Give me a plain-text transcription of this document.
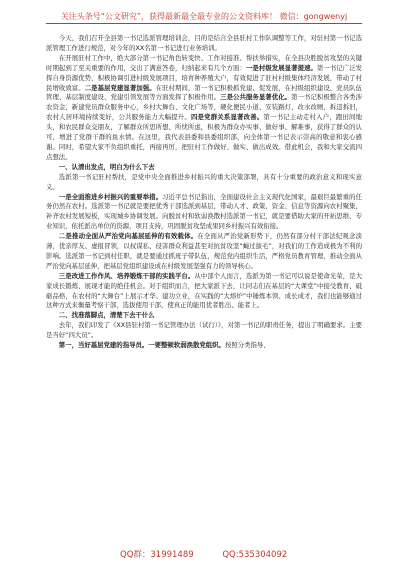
关注头条号“公文研究”，获得最新最全最专业的公文资料库！ 微信：gongwenyj

今天，我们召开全县第一书记选派管理培训会，目的是结合全县驻村工作队调整等工作，对驻村第一书记选派管理工作进行规范，对今年的XX名第一书记进行业务培训。

在开展驻村工作中，绝大部分第一书记角色转变快、工作对接准、帮扶举措实，在全县决胜脱贫攻坚的关键时期起到了至关重要的作用，交出了满意答卷，归纳起来有几个方面：一是村级发展显著提速。第一书记广泛发挥自身资源优势，积极协调引进村级发展项目，培育种养殖大户，有效促进了驻村村级集体经济发展，带动了村民增收致富。二是基层党建显著加强。在驻村期间，第一书记积极抓党建、促发展，在村级组织建设、党员队伍管理、基层制度建设、党建引领发展等方面发挥了积极作用。三是公共服务显著优化。第一书记积极整合各类涉农资金，新建党员群众服务中心，乡村大舞台、文化广场等，硬化便民小道、安装路灯，改水改厕，拆违拆旧，农村人居环境持续变好，公共服务能力大幅提升。四是党群关系显著改善。第一书记主动走村入户，跑田间地头，和农民群众交朋友，了解群众所思所想、所忧所虑，积极为群众办实事、做好事、解难事，获得了群众的认可，增进了党群干群的鱼水情。在这里，我代表县委和县委组织部，向全体第一书记表示崇高的敬意和衷心感谢。同时，希望大家不负组织重托，再接再厉，把驻村工作做好、做实、做出成效。借此机会，我和大家交流四点想法。

一、认清出发点，明白为什么下去

选派第一书记驻村帮扶，是党中央全面推进乡村振兴的重大决策部署，具有十分重要的政治意义和现实意义。

一是全面推进乡村振兴的重要举措。习近平总书记指出，全面建设社会主义现代化国家，最艰巨最繁重的任务仍然在农村。选派第一书记就是要把优秀干部选派到基层，带动人才、政策、资金、信息等资源向农村聚集，补齐农村发展短板，实现城乡协调发展。向脱贫村和软弱涣散村选派第一书记，就是要借助大家的开拓思维、专业知识，依托派出单位的资源，项目支持，巩固脱贫攻坚成果同乡村振兴有效衔接。

二是推动全面从严治党向基层延伸的有效载体。在全面从严治党新形势下，仍然有部分村干部法纪观念淡薄，优亲厚友、虚报冒领，以权谋私、侵害群众利益甚至对抗贫攻坚“蝇过拔毛”，对我们的工作造成极为不利的影响。选派第一书记到村任职，就是要通过抓班子带队伍，规范党内组织生活，严格党员教育管理，推动全面从严治党向基层延伸，把基层党组织建设成在村级发展坚强有力的领导核心。

三是改进工作作风、培养锻炼干部的实践平台。从中部个人而言，选派为第一书记可以说是使命光荣，是大家成长锻炼、展现才能的绝佳机会。对于组织而言，把大家派下去，让同志们在基层的“大课堂”中接受教育、砥砺品格，在农村的“大舞台”上展示才华、建功立业，在实践的“大熔炉”中锤炼本领、成长成才，我们也能够通过这种方式来衡量考察干部，选拔使用干部，使真正的能用优者胜出、能者上。

二、找准落脚点，清楚下去干什么

去年，我们印发了《XX县驻村第一书记管理办法（试行）》，对第一书记的职责任务，提出了明确要求。主要是当好“四大员”。

第一，当好基层党建的指导员。一要整顿软弱涣散党组织。按照分类指导、

QQ群：31991489	QQ:535304092
